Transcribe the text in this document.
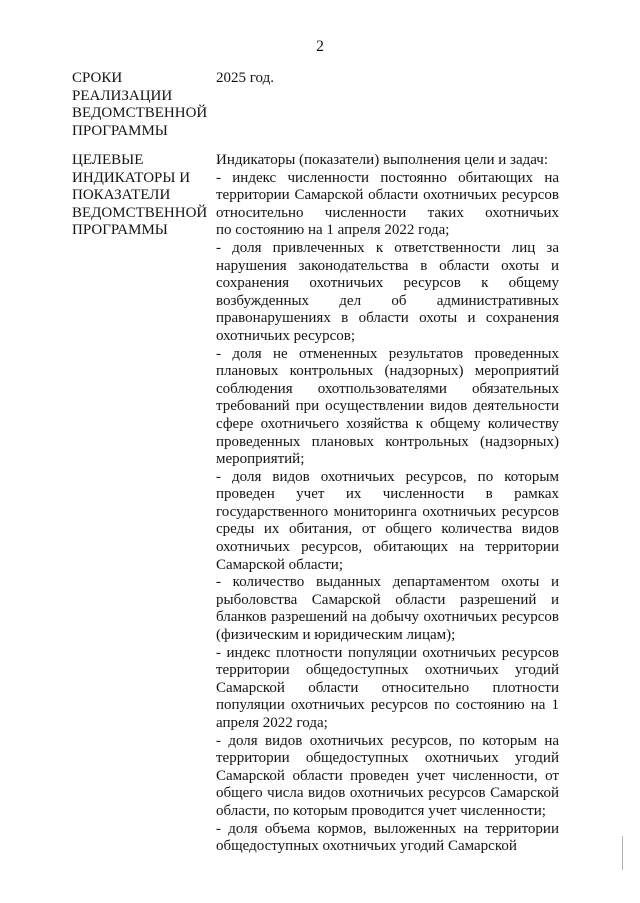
2
СРОКИ
РЕАЛИЗАЦИИ
ВЕДОМСТВЕННОЙ
ПРОГРАММЫ
2025 год.
ЦЕЛЕВЫЕ
ИНДИКАТОРЫ И
ПОКАЗАТЕЛИ
ВЕДОМСТВЕННОЙ
ПРОГРАММЫ
Индикаторы (показатели) выполнения цели и задач:
- индекс численности постоянно обитающих на
территории Самарской области охотничьих ресурсов
относительно численности таких охотничьих
по состоянию на 1 апреля 2022 года;
- доля привлеченных к ответственности лиц за
нарушения законодательства в области охоты и
сохранения охотничьих ресурсов к общему
возбужденных дел об административных
правонарушениях в области охоты и сохранения
охотничьих ресурсов;
- доля не отмененных результатов проведенных
плановых контрольных (надзорных) мероприятий
соблюдения охотпользователями обязательных
требований при осуществлении видов деятельности
сфере охотничьего хозяйства к общему количеству
проведенных плановых контрольных (надзорных)
мероприятий;
- доля видов охотничьих ресурсов, по которым
проведен учет их численности в рамках
государственного мониторинга охотничьих ресурсов
среды их обитания, от общего количества видов
охотничьих ресурсов, обитающих на территории
Самарской области;
- количество выданных департаментом охоты и
рыболовства Самарской области разрешений и
бланков разрешений на добычу охотничьих ресурсов
(физическим и юридическим лицам);
- индекс плотности популяции охотничьих ресурсов
территории общедоступных охотничьих угодий
Самарской области относительно плотности
популяции охотничьих ресурсов по состоянию на 1
апреля 2022 года;
- доля видов охотничьих ресурсов, по которым на
территории общедоступных охотничьих угодий
Самарской области проведен учет численности, от
общего числа видов охотничьих ресурсов Самарской
области, по которым проводится учет численности;
- доля объема кормов, выложенных на территории
общедоступных охотничьих угодий Самарской
